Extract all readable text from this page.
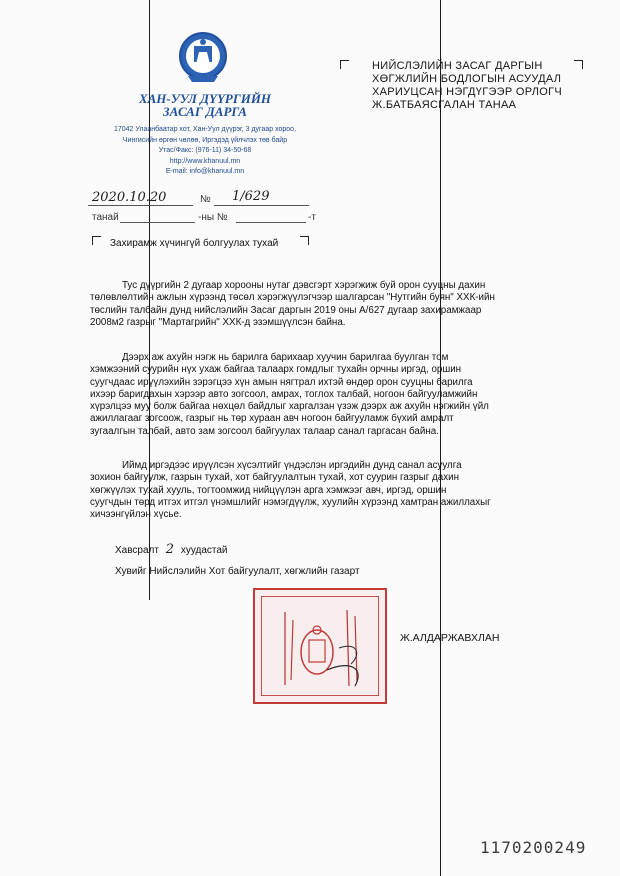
ХАН-УУЛ ДҮҮРГИЙН
ЗАСАГ ДАРГА
17042 Улаанбаатар хот, Хан-Уул дүүрэг, 3 дугаар хороо,
Чингисийн өргөн чөлөө, Иргэдэд үйлчлэх төв байр
Утас/Факс: (976-11) 34-50-68
http://www.khanuul.mn
E-mail: info@khanuul.mn
НИЙСЛЭЛИЙН ЗАСАГ ДАРГЫН
ХӨГЖЛИЙН БОДЛОГЫН АСУУДАЛ
ХАРИУЦСАН НЭГДҮГЭЭР ОРЛОГЧ
Ж.БАТБАЯСГАЛАН ТАНАА
2020.10.20	№ 1/629
танай	-ны №	-т
Захирамж хүчингүй болгуулах тухай
Тус дүүргийн 2 дугаар хорооны нутаг дэвсгэрт хэрэгжиж буй орон сууцны дахин
төлөвлөлтийн ажлын хүрээнд төсөл хэрэгжүүлэгчээр шалгарсан "Нутгийн буян" ХХК-ийн
төслийн талбайн дунд нийслэлийн Засаг даргын 2019 оны А/627 дугаар захирамжаар
2008м2 газрыг "Мартагрийн" ХХК-д эзэмшүүлсэн байна.
Дээрх аж ахуйн нэгж нь барилга барихаар хуучин барилгаа буулган том
хэмжээний суурийн нүх ухаж байгаа талаарх гомдлыг тухайн орчны иргэд, оршин
суугчдаас ирүүлэхийн зэрэгцээ хүн амын нягтрал ихтэй өндөр орон сууцны барилга
ихээр баригдахын хэрээр авто зогсоол, амрах, тоглох талбай, ногоон байгууламжийн
хүрэлцээ муу болж байгаа нөхцөл байдлыг харгалзан үзэж дээрх аж ахуйн нэгжийн үйл
ажиллагааг зогсоож, газрыг нь төр хураан авч ногоон байгууламж бүхий амралт
зугаалгын талбай, авто зам зогсоол байгуулах талаар санал гаргасан байна.
Иймд иргэдээс ирүүлсэн хүсэлтийг үндэслэн иргэдийн дунд санал асуулга
зохион байгуулж, газрын тухай, хот байгуулалтын тухай, хот суурин газрыг дахин
хөгжүүлэх тухай хууль, тогтоомжид нийцүүлэн арга хэмжээг авч, иргэд, оршин
суугчдын төрд итгэх итгэл үнэмшлийг нэмэгдүүлж, хуулийн хүрээнд хамтран ажиллахыг
хичээнгүйлэн хүсье.
Хавсралт 2 хуудастай
Хувийг Нийслэлийн Хот байгуулалт, хөгжлийн газарт
Ж.АЛДАРЖАВХЛАН
1170200249
